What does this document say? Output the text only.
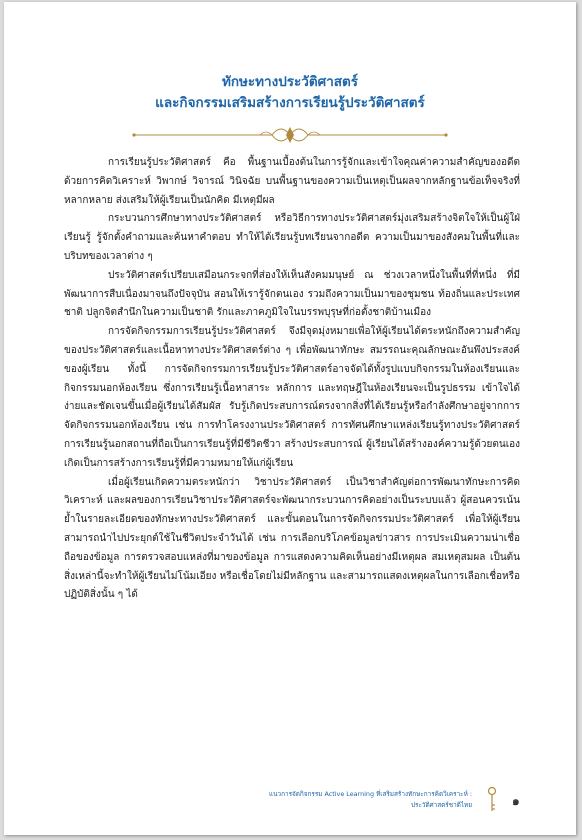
ทักษะทางประวัติศาสตร์
และกิจกรรมเสริมสร้างการเรียนรู้ประวัติศาสตร์

การเรียนรู้ประวัติศาสตร์ คือ พื้นฐานเบื้องต้นในการรู้จักและเข้าใจคุณค่าความสำคัญของอดีต ด้วยการคิดวิเคราะห์ วิพากษ์ วิจารณ์ วินิจฉัย บนพื้นฐานของความเป็นเหตุเป็นผลจากหลักฐานข้อเท็จจริงที่หลากหลาย ส่งเสริมให้ผู้เรียนเป็นนักคิด มีเหตุมีผล

กระบวนการศึกษาทางประวัติศาสตร์ หรือวิธีการทางประวัติศาสตร์มุ่งเสริมสร้างจิตใจให้เป็นผู้ใฝ่เรียนรู้ รู้จักตั้งคำถามและค้นหาคำตอบ ทำให้ได้เรียนรู้บทเรียนจากอดีต ความเป็นมาของสังคมในพื้นที่และบริบทของเวลาต่าง ๆ

ประวัติศาสตร์เปรียบเสมือนกระจกที่ส่องให้เห็นสังคมมนุษย์ ณ ช่วงเวลาหนึ่งในพื้นที่ที่หนึ่ง ที่มีพัฒนาการสืบเนื่องมาจนถึงปัจจุบัน สอนให้เรารู้จักตนเอง รวมถึงความเป็นมาของชุมชน ท้องถิ่นและประเทศชาติ ปลูกจิตสำนึกในความเป็นชาติ รักและภาคภูมิใจในบรรพบุรุษที่ก่อตั้งชาติบ้านเมือง

การจัดกิจกรรมการเรียนรู้ประวัติศาสตร์ จึงมีจุดมุ่งหมายเพื่อให้ผู้เรียนได้ตระหนักถึงความสำคัญของประวัติศาสตร์และเนื้อหาทางประวัติศาสตร์ต่าง ๆ เพื่อพัฒนาทักษะ สมรรถนะคุณลักษณะอันพึงประสงค์ของผู้เรียน ทั้งนี้ การจัดกิจกรรมการเรียนรู้ประวัติศาสตร์อาจจัดได้ทั้งรูปแบบกิจกรรมในห้องเรียนและกิจกรรมนอกห้องเรียน ซึ่งการเรียนรู้เนื้อหาสาระ หลักการ และทฤษฎีในห้องเรียนจะเป็นรูปธรรม เข้าใจได้ง่ายและชัดเจนขึ้นเมื่อผู้เรียนได้สัมผัส รับรู้เกิดประสบการณ์ตรงจากสิ่งที่ได้เรียนรู้หรือกำลังศึกษาอยู่จากการจัดกิจกรรมนอกห้องเรียน เช่น การทำโครงงานประวัติศาสตร์ การทัศนศึกษาแหล่งเรียนรู้ทางประวัติศาสตร์ การเรียนรู้นอกสถานที่ถือเป็นการเรียนรู้ที่มีชีวิตชีวา สร้างประสบการณ์ ผู้เรียนได้สร้างองค์ความรู้ด้วยตนเองเกิดเป็นการสร้างการเรียนรู้ที่มีความหมายให้แก่ผู้เรียน

เมื่อผู้เรียนเกิดความตระหนักว่า วิชาประวัติศาสตร์ เป็นวิชาสำคัญต่อการพัฒนาทักษะการคิดวิเคราะห์ และผลของการเรียนวิชาประวัติศาสตร์จะพัฒนากระบวนการคิดอย่างเป็นระบบแล้ว ผู้สอนควรเน้นย้ำในรายละเอียดของทักษะทางประวัติศาสตร์ และขั้นตอนในการจัดกิจกรรมประวัติศาสตร์ เพื่อให้ผู้เรียนสามารถนำไปประยุกต์ใช้ในชีวิตประจำวันได้ เช่น การเลือกบริโภคข้อมูลข่าวสาร การประเมินความน่าเชื่อถือของข้อมูล การตรวจสอบแหล่งที่มาของข้อมูล การแสดงความคิดเห็นอย่างมีเหตุผล สมเหตุสมผล เป็นต้น สิ่งเหล่านี้จะทำให้ผู้เรียนไม่โน้มเอียง หรือเชื่อโดยไม่มีหลักฐาน และสามารถแสดงเหตุผลในการเลือกเชื่อหรือปฏิบัติสิ่งนั้น ๆ ได้

แนวการจัดกิจกรรม Active Learning ที่เสริมสร้างทักษะการคิดวิเคราะห์ :
ประวัติศาสตร์ชาติไทย	๑
